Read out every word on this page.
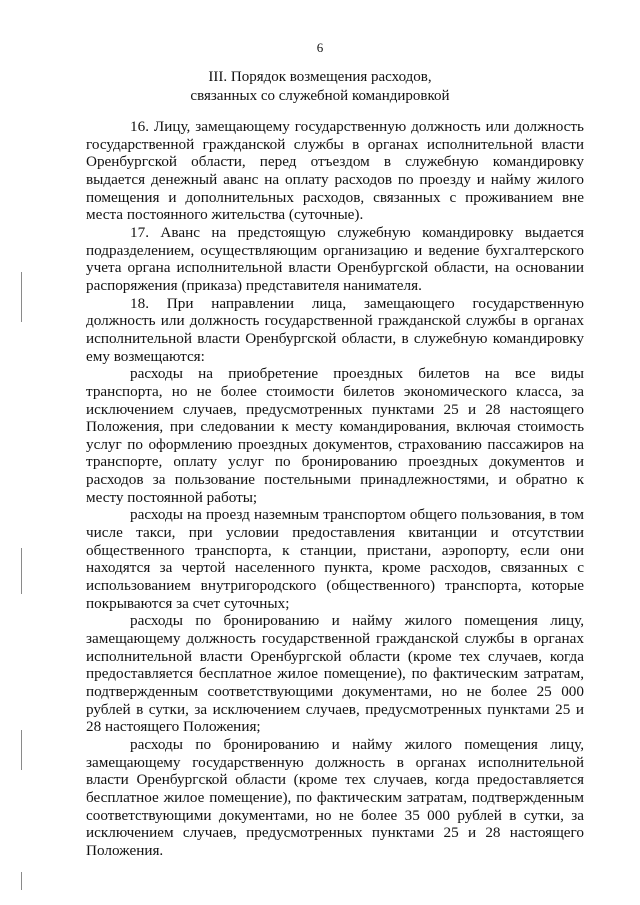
6
III. Порядок возмещения расходов,
связанных со служебной командировкой

16. Лицу, замещающему государственную должность или должность государственной гражданской службы в органах исполнительной власти Оренбургской области, перед отъездом в служебную командировку выдается денежный аванс на оплату расходов по проезду и найму жилого помещения и дополнительных расходов, связанных с проживанием вне места постоянного жительства (суточные).

17. Аванс на предстоящую служебную командировку выдается подразделением, осуществляющим организацию и ведение бухгалтерского учета органа исполнительной власти Оренбургской области, на основании распоряжения (приказа) представителя нанимателя.

18. При направлении лица, замещающего государственную должность или должность государственной гражданской службы в органах исполнительной власти Оренбургской области, в служебную командировку ему возмещаются:

расходы на приобретение проездных билетов на все виды транспорта, но не более стоимости билетов экономического класса, за исключением случаев, предусмотренных пунктами 25 и 28 настоящего Положения, при следовании к месту командирования, включая стоимость услуг по оформлению проездных документов, страхованию пассажиров на транспорте, оплату услуг по бронированию проездных документов и расходов за пользование постельными принадлежностями, и обратно к месту постоянной работы;

расходы на проезд наземным транспортом общего пользования, в том числе такси, при условии предоставления квитанции и отсутствии общественного транспорта, к станции, пристани, аэропорту, если они находятся за чертой населенного пункта, кроме расходов, связанных с использованием внутригородского (общественного) транспорта, которые покрываются за счет суточных;

расходы по бронированию и найму жилого помещения лицу, замещающему должность государственной гражданской службы в органах исполнительной власти Оренбургской области (кроме тех случаев, когда предоставляется бесплатное жилое помещение), по фактическим затратам, подтвержденным соответствующими документами, но не более 25 000 рублей в сутки, за исключением случаев, предусмотренных пунктами 25 и 28 настоящего Положения;

расходы по бронированию и найму жилого помещения лицу, замещающему государственную должность в органах исполнительной власти Оренбургской области (кроме тех случаев, когда предоставляется бесплатное жилое помещение), по фактическим затратам, подтвержденным соответствующими документами, но не более 35 000 рублей в сутки, за исключением случаев, предусмотренных пунктами 25 и 28 настоящего Положения.
